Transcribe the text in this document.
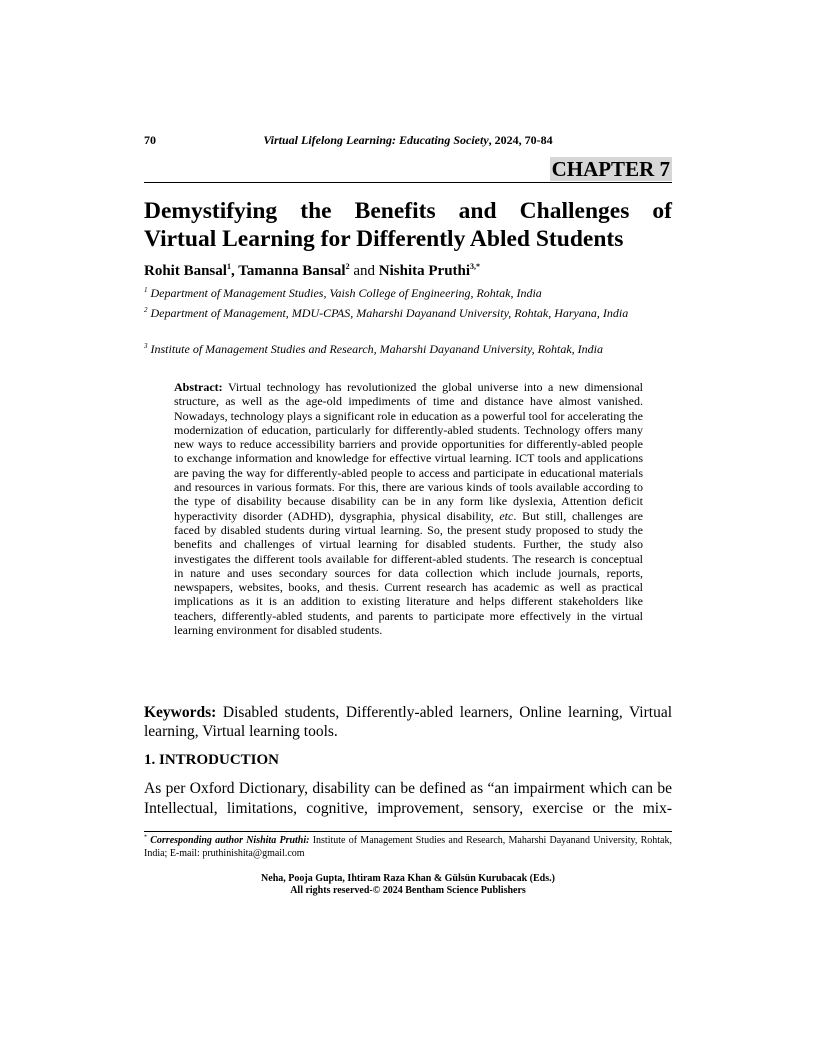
70	Virtual Lifelong Learning: Educating Society, 2024, 70-84
CHAPTER 7
Demystifying the Benefits and Challenges of
Virtual Learning for Differently Abled Students
Rohit Bansal$^1$, Tamanna Bansal$^2$ and Nishita Pruthi$^{3,*}$
$^1$ Department of Management Studies, Vaish College of Engineering, Rohtak, India
$^2$ Department of Management, MDU-CPAS, Maharshi Dayanand University, Rohtak, Haryana, India
$^3$ Institute of Management Studies and Research, Maharshi Dayanand University, Rohtak, India
Abstract: Virtual technology has revolutionized the global universe into a new dimensional structure, as well as the age-old impediments of time and distance have almost vanished. Nowadays, technology plays a significant role in education as a powerful tool for accelerating the modernization of education, particularly for differently-abled students. Technology offers many new ways to reduce accessibility barriers and provide opportunities for differently-abled people to exchange information and knowledge for effective virtual learning. ICT tools and applications are paving the way for differently-abled people to access and participate in educational materials and resources in various formats. For this, there are various kinds of tools available according to the type of disability because disability can be in any form like dyslexia, Attention deficit hyperactivity disorder (ADHD), dysgraphia, physical disability, etc. But still, challenges are faced by disabled students during virtual learning. So, the present study proposed to study the benefits and challenges of virtual learning for disabled students. Further, the study also investigates the different tools available for different-abled students. The research is conceptual in nature and uses secondary sources for data collection which include journals, reports, newspapers, websites, books, and thesis. Current research has academic as well as practical implications as it is an addition to existing literature and helps different stakeholders like teachers, differently-abled students, and parents to participate more effectively in the virtual learning environment for disabled students.
Keywords: Disabled students, Differently-abled learners, Online learning, Virtual learning, Virtual learning tools.
1. INTRODUCTION
As per Oxford Dictionary, disability can be defined as “an impairment which can be Intellectual, limitations, cognitive, improvement, sensory, exercise or the mix-
* Corresponding author Nishita Pruthi: Institute of Management Studies and Research, Maharshi Dayanand University, Rohtak, India; E-mail: pruthinishita@gmail.com
Neha, Pooja Gupta, Ihtiram Raza Khan & Gülsün Kurubacak (Eds.)
All rights reserved-© 2024 Bentham Science Publishers
